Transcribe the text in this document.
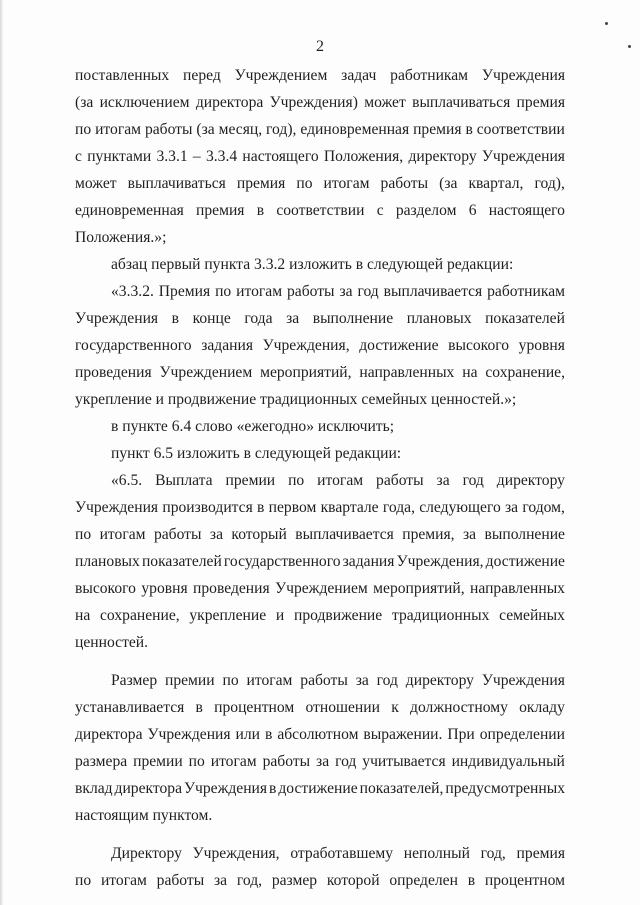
2
поставленных перед Учреждением задач работникам Учреждения
(за исключением директора Учреждения) может выплачиваться премия
по итогам работы (за месяц, год), единовременная премия в соответствии
с пунктами 3.3.1 – 3.3.4 настоящего Положения, директору Учреждения
может выплачиваться премия по итогам работы (за квартал, год),
единовременная премия в соответствии с разделом 6 настоящего
Положения.»;
абзац первый пункта 3.3.2 изложить в следующей редакции:
«3.3.2. Премия по итогам работы за год выплачивается работникам
Учреждения в конце года за выполнение плановых показателей
государственного задания Учреждения, достижение высокого уровня
проведения Учреждением мероприятий, направленных на сохранение,
укрепление и продвижение традиционных семейных ценностей.»;
в пункте 6.4 слово «ежегодно» исключить;
пункт 6.5 изложить в следующей редакции:
«6.5. Выплата премии по итогам работы за год директору
Учреждения производится в первом квартале года, следующего за годом,
по итогам работы за который выплачивается премия, за выполнение
плановых показателей государственного задания Учреждения, достижение
высокого уровня проведения Учреждением мероприятий, направленных
на сохранение, укрепление и продвижение традиционных семейных
ценностей.
Размер премии по итогам работы за год директору Учреждения
устанавливается в процентном отношении к должностному окладу
директора Учреждения или в абсолютном выражении. При определении
размера премии по итогам работы за год учитывается индивидуальный
вклад директора Учреждения в достижение показателей, предусмотренных
настоящим пунктом.
Директору Учреждения, отработавшему неполный год, премия
по итогам работы за год, размер которой определен в процентном
